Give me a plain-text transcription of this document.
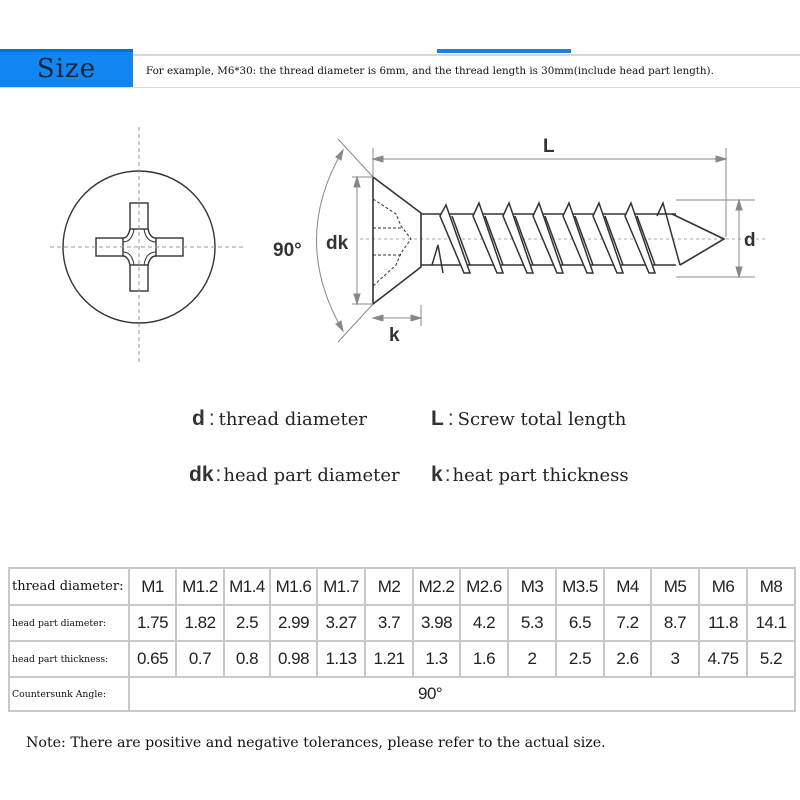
Size	For example, M6*30: the thread diameter is 6mm, and the thread length is 30mm(include head part length).
90° dk
k
L
d
d : thread diameter	L : Screw total length
dk: head part diameter k: heat part thickness
thread diameter:	M1	M1.2	M1.4	M1.6	M1.7	M2	M2.2	M2.6	M3	M3.5	M4	M5	M6	M8
head part diameter:	1.75	1.82	2.5	2.99	3.27	3.7	3.98	4.2	5.3	6.5	7.2	8.7	11.8	14.1
head part thickness:	0.65	0.7	0.8	0.98	1.13	1.21	1.3	1.6	2	2.5	2.6	3	4.75	5.2
Countersunk Angle:	90°													
Note: There are positive and negative tolerances, please refer to the actual size.
